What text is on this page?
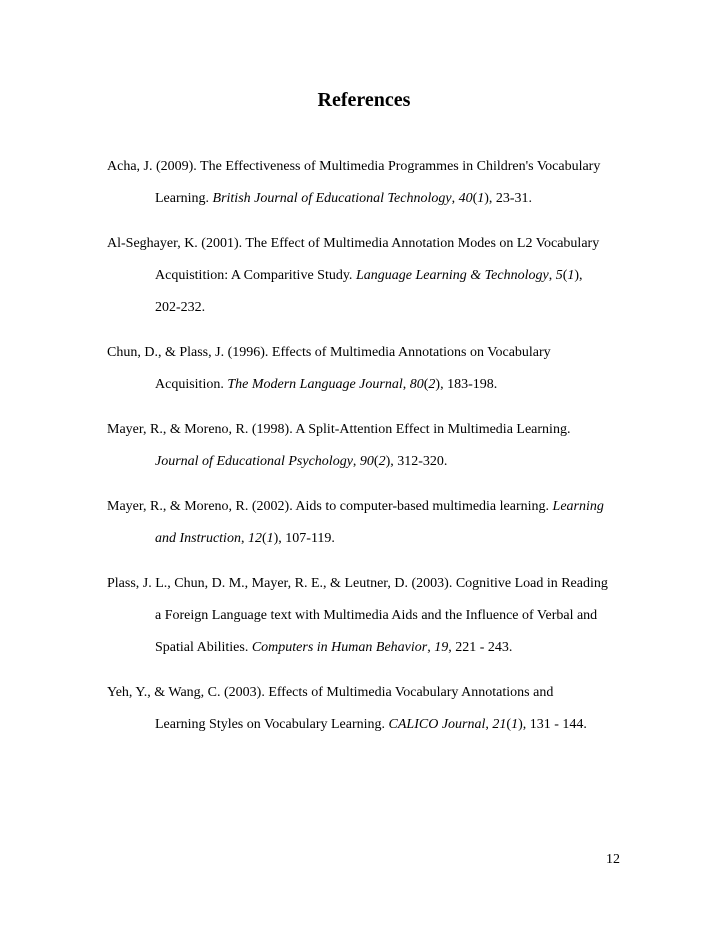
References
Acha, J. (2009). The Effectiveness of Multimedia Programmes in Children's Vocabulary
Learning. British Journal of Educational Technology, 40(1), 23-31.
Al-Seghayer, K. (2001). The Effect of Multimedia Annotation Modes on L2 Vocabulary
Acquistition: A Comparitive Study. Language Learning & Technology, 5(1),
202-232.
Chun, D., & Plass, J. (1996). Effects of Multimedia Annotations on Vocabulary
Acquisition. The Modern Language Journal, 80(2), 183-198.
Mayer, R., & Moreno, R. (1998). A Split-Attention Effect in Multimedia Learning.
Journal of Educational Psychology, 90(2), 312-320.
Mayer, R., & Moreno, R. (2002). Aids to computer-based multimedia learning. Learning
and Instruction, 12(1), 107-119.
Plass, J. L., Chun, D. M., Mayer, R. E., & Leutner, D. (2003). Cognitive Load in Reading
a Foreign Language text with Multimedia Aids and the Influence of Verbal and
Spatial Abilities. Computers in Human Behavior, 19, 221 - 243.
Yeh, Y., & Wang, C. (2003). Effects of Multimedia Vocabulary Annotations and
Learning Styles on Vocabulary Learning. CALICO Journal, 21(1), 131 - 144.
12
